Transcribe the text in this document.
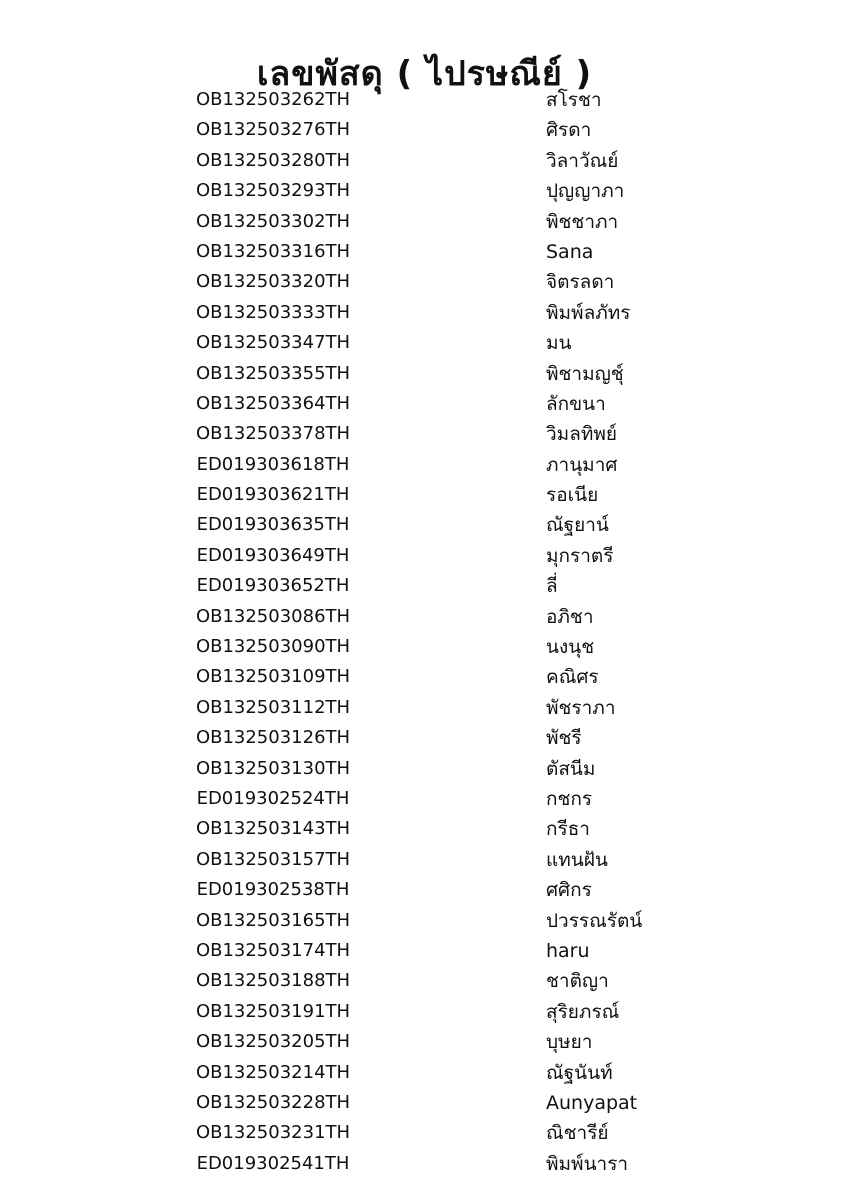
เลขพัสดุ ( ไปรษณีย์ )
OB132503262TH	สโรชา
OB132503276TH	ศิรดา
OB132503280TH	วิลาวัณย์
OB132503293TH	ปุญญาภา
OB132503302TH	พิชชาภา
OB132503316TH	Sana
OB132503320TH	จิตรลดา
OB132503333TH	พิมพ์ลภัทร
OB132503347TH	มน
OB132503355TH	พิชามญชุ์
OB132503364TH	ลักขนา
OB132503378TH	วิมลทิพย์
ED019303618TH	ภานุมาศ
ED019303621TH	รอเนีย
ED019303635TH	ณัฐยาน์
ED019303649TH	มุกราตรี
ED019303652TH	ลี่
OB132503086TH	อภิชา
OB132503090TH	นงนุช
OB132503109TH	คณิศร
OB132503112TH	พัชราภา
OB132503126TH	พัชรี
OB132503130TH	ตัสนีม
ED019302524TH	กชกร
OB132503143TH	กรีธา
OB132503157TH	แทนฝัน
ED019302538TH	ศศิกร
OB132503165TH	ปวรรณรัตน์
OB132503174TH	haru
OB132503188TH	ชาติญา
OB132503191TH	สุริยภรณ์
OB132503205TH	บุษยา
OB132503214TH	ณัฐนันท์
OB132503228TH	Aunyapat
OB132503231TH	ณิชารีย์
ED019302541TH	พิมพ์นารา
